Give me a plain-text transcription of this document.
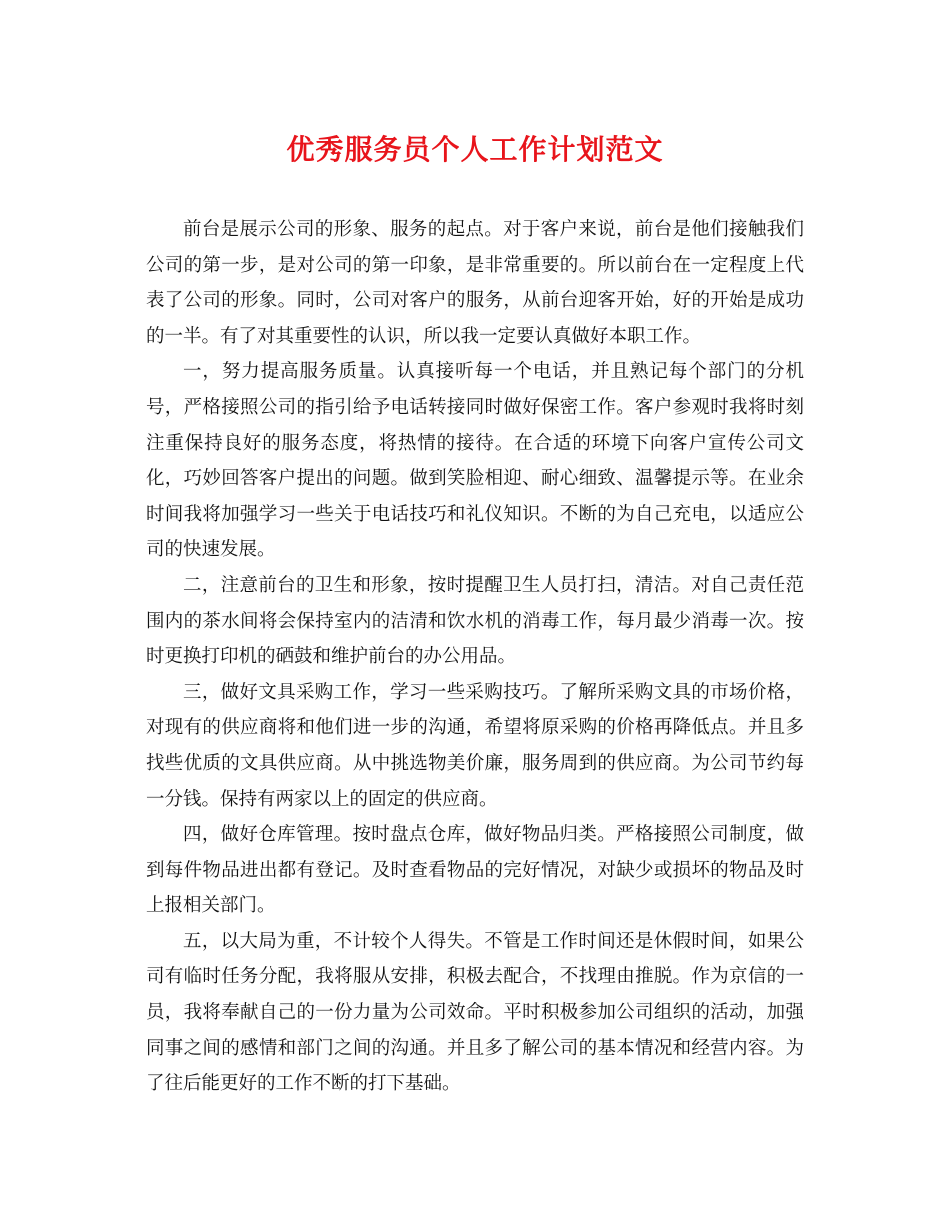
优秀服务员个人工作计划范文

前台是展示公司的形象、服务的起点。对于客户来说，前台是他们接触我们公司的第一步，是对公司的第一印象，是非常重要的。所以前台在一定程度上代表了公司的形象。同时，公司对客户的服务，从前台迎客开始，好的开始是成功的一半。有了对其重要性的认识，所以我一定要认真做好本职工作。

一，努力提高服务质量。认真接听每一个电话，并且熟记每个部门的分机号，严格接照公司的指引给予电话转接同时做好保密工作。客户参观时我将时刻注重保持良好的服务态度，将热情的接待。在合适的环境下向客户宣传公司文化，巧妙回答客户提出的问题。做到笑脸相迎、耐心细致、温馨提示等。在业余时间我将加强学习一些关于电话技巧和礼仪知识。不断的为自己充电，以适应公司的快速发展。

二，注意前台的卫生和形象，按时提醒卫生人员打扫，清洁。对自己责任范围内的茶水间将会保持室内的洁清和饮水机的消毒工作，每月最少消毒一次。按时更换打印机的硒鼓和维护前台的办公用品。

三，做好文具采购工作，学习一些采购技巧。了解所采购文具的市场价格，对现有的供应商将和他们进一步的沟通，希望将原采购的价格再降低点。并且多找些优质的文具供应商。从中挑选物美价廉，服务周到的供应商。为公司节约每一分钱。保持有两家以上的固定的供应商。

四，做好仓库管理。按时盘点仓库，做好物品归类。严格接照公司制度，做到每件物品进出都有登记。及时查看物品的完好情况，对缺少或损坏的物品及时上报相关部门。

五，以大局为重，不计较个人得失。不管是工作时间还是休假时间，如果公司有临时任务分配，我将服从安排，积极去配合，不找理由推脱。作为京信的一员，我将奉献自己的一份力量为公司效命。平时积极参加公司组织的活动，加强同事之间的感情和部门之间的沟通。并且多了解公司的基本情况和经营内容。为了往后能更好的工作不断的打下基础。
